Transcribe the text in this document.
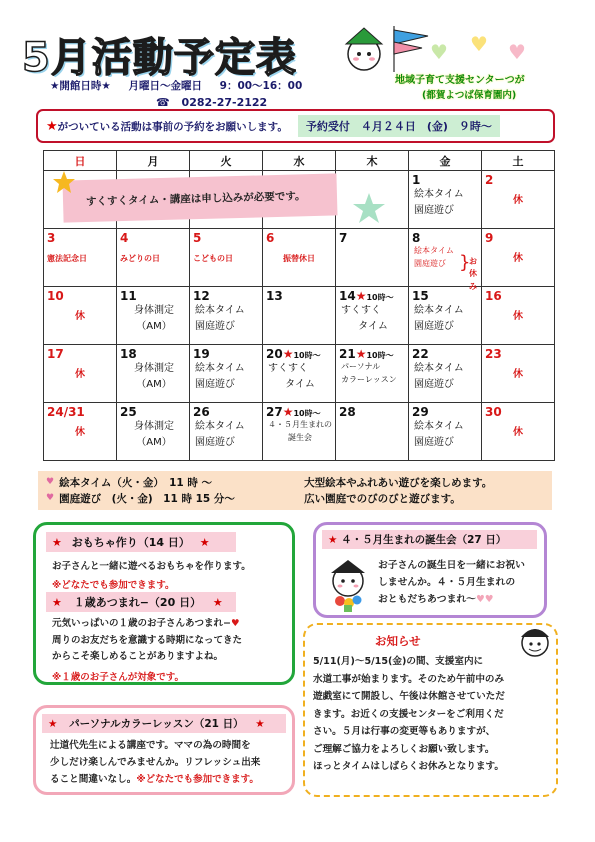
5月活動予定表
★開館日時★ 月曜日〜金曜日 9：00〜16：00
☎ 0282-27-2122
♥ ♥ ♥
地域子育て支援センターつが
(都賀よつば保育園内)
★ がついている活動は事前の予約をお願いします。	予約受付　４月２４日　(金)　９時〜
日	月	火	水	木	金	土

					1
絵本タイム
園庭遊び	2
休

3
憲法記念日	4
みどりの日	5
こどもの日	6
振替休日	7	8
絵本タイム
園庭遊び }
お休み	9
休

10
休	11
身体測定
（AM）	12
絵本タイム
園庭遊び	13	14★10時〜
すくすく
タイム	15
絵本タイム
園庭遊び	16
休

17
休	18
身体測定
（AM）	19
絵本タイム
園庭遊び	20★10時〜
すくすく
タイム	21★10時〜
パーソナル
カラーレッスン	22
絵本タイム
園庭遊び	23
休

24/31
休	25
身体測定
（AM）	26
絵本タイム
園庭遊び	27★10時〜
４・５月生まれの
誕生会	28	29
絵本タイム
園庭遊び	30
休
すくすくタイム・講座は申し込みが必要です。
♥ 絵本タイム（火・金）　11 時 〜	大型絵本やふれあい遊びを楽しめます。
♥ 園庭遊び　(火・金)　11 時 15 分〜	広い園庭でのびのびと遊びます。
★ おもちゃ作り（14 日） ★
お子さんと一緒に遊べるおもちゃを作ります。
※どなたでも参加できます。
★ １歳あつまれ−（20 日） ★
元気いっぱいの１歳のお子さんあつまれ−♥
周りのお友だちを意識する時期になってきた
からこそ楽しめることがありますよね。
※１歳のお子さんが対象です。
★ ４・５月生まれの誕生会（27 日）
お子さんの誕生日を一緒にお祝い
しませんか。４・５月生まれの
おともだちあつまれ〜♥♥
お知らせ
5/11(月)〜5/15(金)の間、支援室内に
水道工事が始まります。そのため午前中のみ
遊戯室にて開設し、午後は休館させていただ
きます。お近くの支援センターをご利用くだ
さい。５月は行事の変更等もありますが、
ご理解ご協力をよろしくお願い致します。
ほっとタイムはしばらくお休みとなります。
★ パーソナルカラーレッスン（21 日） ★
辻道代先生による講座です。ママの為の時間を
少しだけ楽しんでみませんか。リフレッシュ出来
ること間違いなし。※どなたでも参加できます。
